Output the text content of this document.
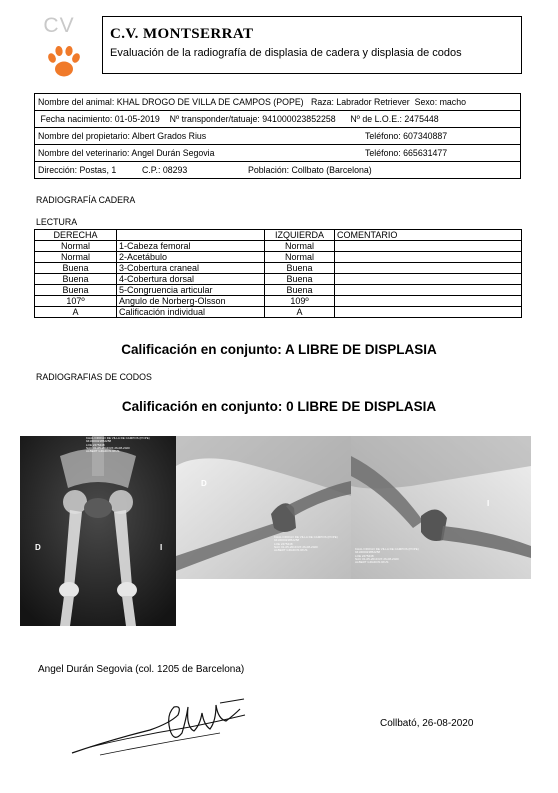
CV C.V. MONTSERRAT
Evaluación de la radiografía de displasia de cadera y displasia de codos
Nombre del animal: KHAL DROGO DE VILLA DE CAMPOS (POPE) Raza: Labrador Retriever Sexo: macho
Fecha nacimiento: 01-05-2019 Nº transponder/tatuaje: 941000023852258 Nº de L.O.E.: 2475448
Nombre del propietario: Albert Grados Rius	Teléfono: 607340887

Nombre del veterinario: Angel Durán Segovia	Teléfono: 665631477

Dirección: Postas, 1	C.P.: 08293	Población: Collbato (Barcelona)
RADIOGRAFÍA CADERA
LECTURA
DERECHA		IZQUIERDA	COMENTARIO
Normal	1-Cabeza femoral	Normal	
Normal	2-Acetábulo	Normal	
Buena	3-Cobertura craneal	Buena	
Buena	4-Cobertura dorsal	Buena	
Buena	5-Congruencia articular	Buena	
107º	Angulo de Norberg-Olsson	109º	
A	Calificación individual	A	
Calificación en conjunto: A LIBRE DE DISPLASIA
RADIOGRAFIAS DE CODOS
Calificación en conjunto: 0 LIBRE DE DISPLASIA
KHAL DROGO DE VILLA DE CAMPOS (POPE)
941000023852258
LOE 2475448
NAC 01-05-2019 RX 26-08-2020
ALBERT GRADOS RIUS
D	I
KHAL DROGO DE VILLA DE CAMPOS (POPE)
941000023852258
LOE 2475448
NAC 01-05-2019 RX 26-08-2020
ALBERT GRADOS RIUS
D
KHAL DROGO DE VILLA DE CAMPOS (POPE)
941000023852258
LOE 2475448
NAC 01-05-2019 RX 26-08-2020
ALBERT GRADOS RIUS
I
Angel Durán Segovia (col. 1205 de Barcelona)
Collbató, 26-08-2020
